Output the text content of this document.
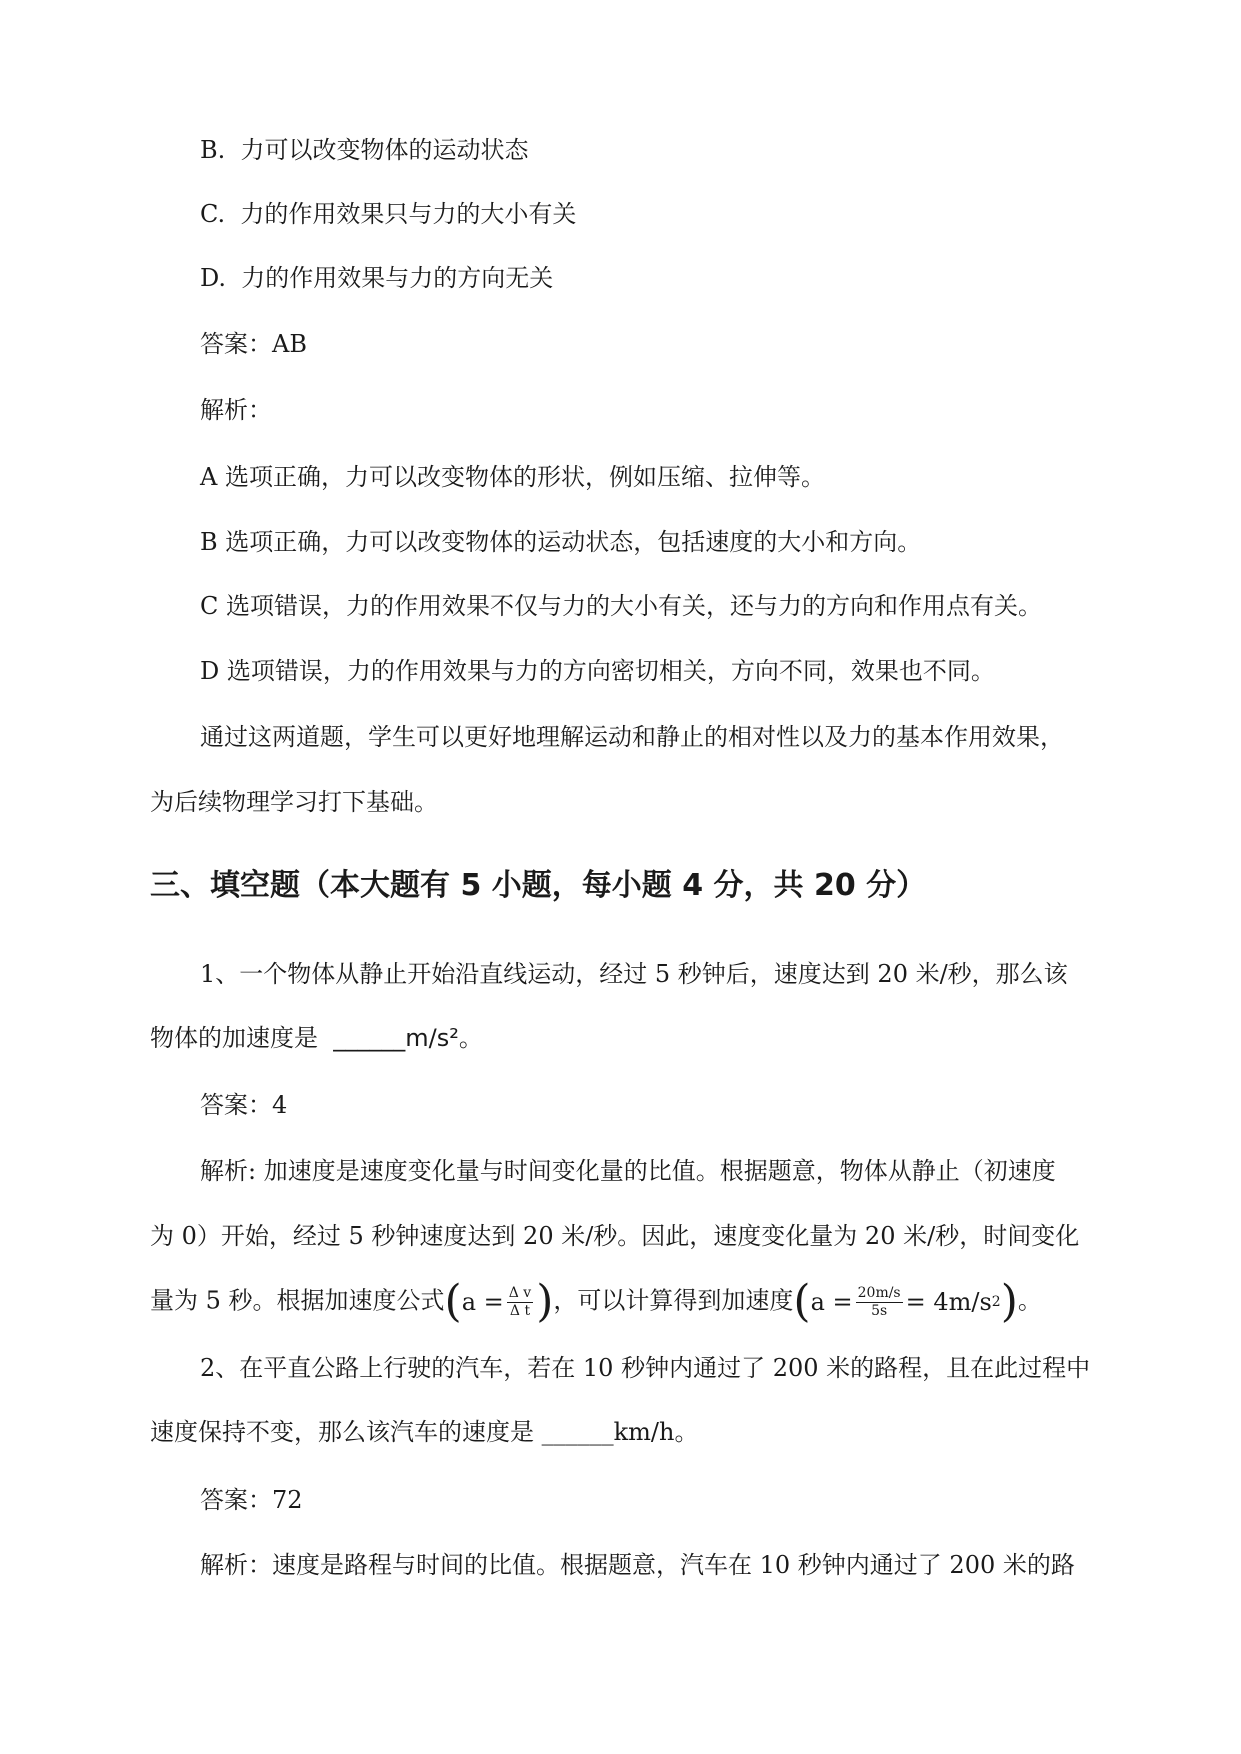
B. 力可以改变物体的运动状态

C. 力的作用效果只与力的大小有关

D. 力的作用效果与力的方向无关

答案：AB

解析：

A 选项正确，力可以改变物体的形状，例如压缩、拉伸等。

B 选项正确，力可以改变物体的运动状态，包括速度的大小和方向。

C 选项错误，力的作用效果不仅与力的大小有关，还与力的方向和作用点有关。

D 选项错误，力的作用效果与力的方向密切相关，方向不同，效果也不同。

通过这两道题，学生可以更好地理解运动和静止的相对性以及力的基本作用效果，

为后续物理学习打下基础。

三、填空题（本大题有 5 小题，每小题 4 分，共 20 分）

1、一个物体从静止开始沿直线运动，经过 5 秒钟后，速度达到 20 米/秒，那么该

物体的加速度是 ______m/s²。

答案：4

解析: 加速度是速度变化量与时间变化量的比值。根据题意，物体从静止（初速度

为 0）开始，经过 5 秒钟速度达到 20 米/秒。因此，速度变化量为 20 米/秒，时间变化

量为 5 秒。根据加速度公式 ( $a = \frac{\text{Δ v}}{\text{Δ t}}$ ) ，可以计算得到加速度 ( $a = \frac{20m/s}{5s} = 4m/s$ 2 ) 。

2、在平直公路上行驶的汽车，若在 10 秒钟内通过了 200 米的路程，且在此过程中

速度保持不变，那么该汽车的速度是 ______km/h。

答案：72

解析：速度是路程与时间的比值。根据题意，汽车在 10 秒钟内通过了 200 米的路
